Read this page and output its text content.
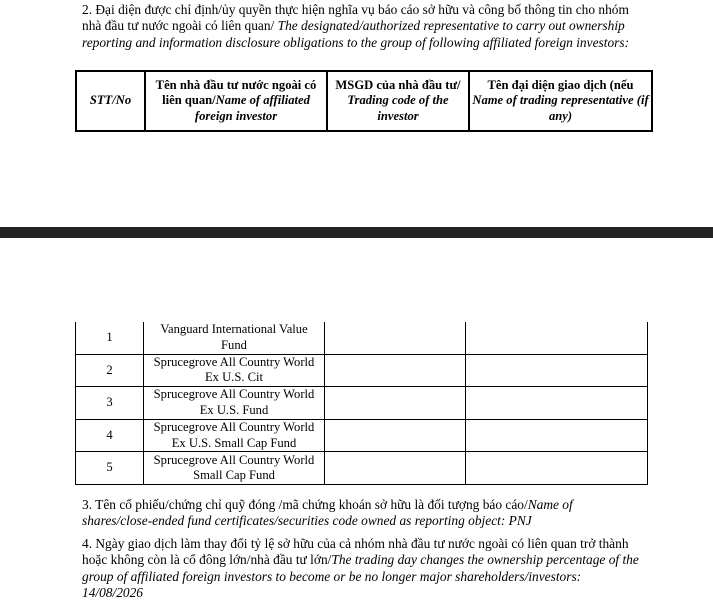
2. Đại diện được chỉ định/ủy quyền thực hiện nghĩa vụ báo cáo sở hữu và công bố thông tin cho nhóm nhà đầu tư nước ngoài có liên quan/ The designated/authorized representative to carry out ownership reporting and information disclosure obligations to the group of following affiliated foreign investors:
STT/No	Tên nhà đầu tư nước ngoài có liên quan/Name of affiliated foreign investor	MSGD của nhà đầu tư/ Trading code of the investor	Tên đại diện giao dịch (nếu Name of trading representative (if any)
1	Vanguard International Value Fund		
2	Sprucegrove All Country World Ex U.S. Cit		
3	Sprucegrove All Country World Ex U.S. Fund		
4	Sprucegrove All Country World Ex U.S. Small Cap Fund		
5	Sprucegrove All Country World Small Cap Fund		
3. Tên cổ phiếu/chứng chỉ quỹ đóng /mã chứng khoán sở hữu là đối tượng báo cáo/Name of shares/close-ended fund certificates/securities code owned as reporting object: PNJ
4. Ngày giao dịch làm thay đổi tỷ lệ sở hữu của cả nhóm nhà đầu tư nước ngoài có liên quan trở thành hoặc không còn là cổ đông lớn/nhà đầu tư lớn/The trading day changes the ownership percentage of the group of affiliated foreign investors to become or be no longer major shareholders/investors: 14/08/2026
